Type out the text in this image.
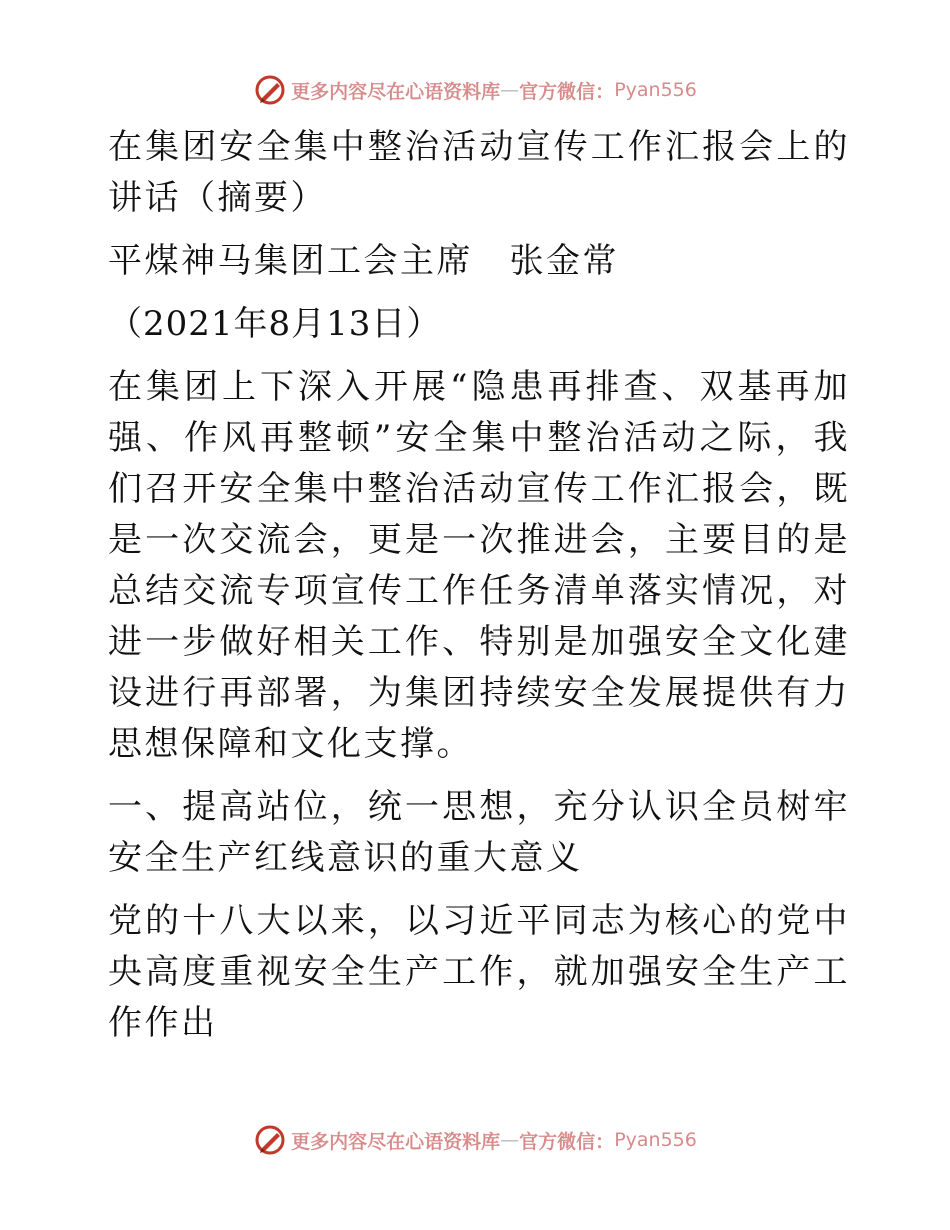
更多内容尽在心语资料库 — 官方微信： Pyan556

在集团安全集中整治活动宣传工作汇报会上的讲话（摘要）

平煤神马集团工会主席　张金常

（2021年8月13日）

在集团上下深入开展“隐患再排查、双基再加强、作风再整顿”安全集中整治活动之际，我们召开安全集中整治活动宣传工作汇报会，既是一次交流会，更是一次推进会，主要目的是总结交流专项宣传工作任务清单落实情况，对进一步做好相关工作、特别是加强安全文化建设进行再部署，为集团持续安全发展提供有力思想保障和文化支撑。

一、提高站位，统一思想，充分认识全员树牢安全生产红线意识的重大意义

党的十八大以来，以习近平同志为核心的党中央高度重视安全生产工作，就加强安全生产工作作出

更多内容尽在心语资料库 — 官方微信： Pyan556
